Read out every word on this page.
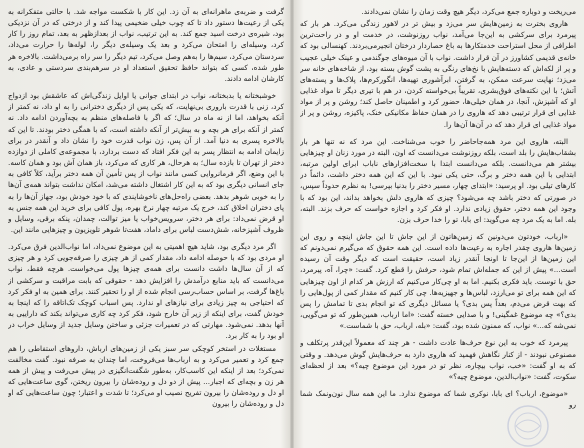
گرفت و ضربه‌ی ماهرانه‌ای به آن زد. این کار با شکست مواجه شد. با حالتی متفکرانه به یکی از رعیت‌ها دستور داد تا که چوب خیلی ضخیمی پیدا کند و از درختی که در آن نزدیکی بود، شیره‌ی درخت اسید جمع کند. به این ترتیب، نواب از بعدازظهر به بعد، تمام روز را کار کرد، وسیله‌ای را امتحان می‌کرد و بعد یک وسیله‌ی دیگر را، لوله‌ها را حرارت می‌داد، سردستان می‌کرد، سیم‌ها را به‌هم وصل می‌کرد، تیم دیگر را سر راه برمی‌داشت. بالاخره هر طور شده، کسی که بتواند حافظ تحقیق استعداد او در سرهم‌بندی سردستی و عادی، به کارشان ادامه دادند.

خوشبختانه یا بدبختانه، نواب در ابتدای جوانی یا اوایل زندگی‌اش که عاشقش بود ازدواج کرد، زنی با قدرت باروری بی‌نهایت، که یکی پس از دیگری دخترانی را به او داد، نه کمتر از آنکه بخواهد، اما از نه ماه در سال؛ که اگر با فاصله‌های منظم به بچه‌آوردن ادامه داد. نه کمتر از آنکه برای هر بچه و به بیش‌تر از آنکه داشته است، که با همگی دختر بودند. تا این که بالاخره پسری به دنیا آمد. از آن پس، زن نواب قدرت خود را نشان داد و آنقدر در برای زایمان ادامه به انتظار پسر به این فکر افتاد که دست بردارد، با مجموعه‌ی کاملی از دوازده دختر از تهران تا بازده سال؛ به هرحال، هر کاری که می‌کرد، باز همان آش بود و همان کاسه. با این وضع، اگر فرمانروایی کسی مانند نواب از پس تأمین آن همه دختر برآید، کلاً کافی به جای انسانی دیگری بود که به این کار اشتغال داشته می‌شد، امکان نداشت بتواند همه‌ی آن‌ها را به خوبی شوهر بدهد. بعضی راه‌حل‌های ناخوشایندی که با خود خودش بود، جهاز آن‌ها را به پای دختران اخلاق کند، خرج یک مرتبه چهار نرخ بهره، پول کافی برای خرید این همه جنس به او قرض نمی‌داد: برای هر دختر، سرویس‌خواب یا میز توالت، چمدان، پنکه برقی، وسایل و ظروف آشپزخانه، شش‌دست لباس برای داماد، هفت‌تا شوهر تلویزیون و چیزهایی مانند این.

اگر مرد دیگری بود، شاید هیچ اهمیتی به این موضوع نمی‌داد، اما نواب‌الدین فرق می‌کرد. او مردی بود که با حوصله ادامه داد، مقدار کمی از هر چیزی را صرفه‌جویی کرد و هر چیزی که از آن سال‌ها داشت دانست برای همه‌ی چیزها پول می‌خواست. هرچه فقط، نواب می‌دانست که باید منابع درآمدش را افزایش دهد - حقوقی که بابت مراقبت و سرکشی از باغ‌ها گرفت، بر اساس حساب‌رسی انجام شده از او را تحقیر کنند. برای همین به او فکر کرد که احتیاجی به چیز زیادی برای نیازهای او ندارد. پس اسباب کوچک تک‌اتاقه را که اینجا به خودش گفت، برای اینکه از زیر آن خارج شود، فکر کرد چه کاری می‌تواند بکند که داراییی به آنها بدهد. نمی‌شود. مهارتی که در تعمیرات جزئی و ساختن وسایل جدید از وسایل خراب در او بود را به کار برد.

مستغلات در استخر کوچکی سر سبز یکی از زمین‌های ارباش، داروهای استفاطی را هم جمع کرد و تعمیر می‌کرد و به ارباب‌ها می‌فروخت، اما چندان به صرفه نبود. گفت مخالفت نمی‌کرد؛ بعد از اینکه این کاسب‌کار، به‌طور شگفت‌انگیزی در پیش می‌رفت و پیش از همه هر زن و بچه‌ای که اجبار... پیش از دو دل و روده‌شان را بیرون ریختن، گوی ساعت‌هایی که او دل و روده‌شان را بیرون تفریح نصیب او می‌کرد؛ تا شدت و اعتبار؛ چون ساعت‌هایی که او دل و روده‌شان را بیرون

می‌ریخت و دوباره جمع می‌کرد، دیگر هیچ وقت زمان را نشان نمی‌دادند.

هاروی بخترت به زمین‌هایش سر می‌زد و بیش تر در لاهور زندگی می‌کرد. هر بار که پیرمرد برای سرکشی به این‌جا می‌آمد، نواب روزنوشت، در خدمت او و در راحت‌ترین اطرافی از محل استراحت خدمتکارها به باغ حصاردار درختان انجیرمی‌بردند. کهنسالی بود که خانه‌ی قدیمی کشاورز در آن قرار داشت. نواب با آن میوه‌های جوگندمی و عینک خیلی عجیب و پر از لکه‌اش که دسته‌هایش با نخ‌های رنگی به پشت گوش بسته بود، از شاخه‌های خانه سر می‌زد؛ نهایت سرعت ممکن، به گرفتن، ابرآشوری تهیه‌ها، انگورکرم‌ها، پلاک‌ها و پسته‌های آتش؛ با این نکته‌های فوق‌بشری، تقریباً بی‌خواسته کردن، در هم با تیری دیگر تا مواد غذایی او که آشپزش، آنجا، در همان خیلی‌ها، حضور کرد و اطمینان حاصل کند؛ روشن و پر از مواد غذایی ای قرار ترتیبی دهد که هاروی را در همان حفاظ مکانیکی خنک، پاکیزه، روشن و پر از مواد غذایی ای قرار دهد که در آن‌ها آن‌ها را.

البته، هاروی این مرد همه‌جاحاضر را خوب می‌شناخت. این مرد که نه تنها هر بار بشقاب‌هایش را بلد است، بلکه روزنوشت می‌دانست که اون، البته در مورد زنان او چیزهایی بیشتر هم می‌دانست. بلکه می‌دانست ابتدا با سخت‌افزارهای ناباب ابرای اولین مرتبه، ابتدایی با این همه دختر و برگ، حتی یکی نبود. با این که این همه دختر داشت، دائماً در کارهای تیلی بود. او پرسید: «ابتدای چهار، مسیر دختر را بدنیا بپرسی! به نظرم حدوداً سپس، در صورتی که دختر باشد چه می‌شود؟ چیزی که هاروی دلش بخواهد بداند، این بود که با وجود این همه دختر، حقوق زیادی ندارد. او فکر کرد و اجازه خواست که حرف بزند. البته، بله. اما به یک مرد چه می‌گوید: ای بابا، تو را خدا حرف بزن.

«ارباب، خودتون می‌دونین که زمین‌هاتون از این جاش تا این جاش اینچه و روی این زمین‌ها هاروی چقدر اجاره به رعیت‌ها داده است. این همه حقوق که می‌گیرم نمی‌دونم که این زمین‌ها از این‌جا تا اونجا آنقدر زیاد است، حقیقت است که دیگر وقت آن رسیده است...» پیش از این که جمله‌اش تمام شود، حرفش را قطع کرد. گفت: «چرا، آه، پیرمرد، حق با توست. باید فکری بکنیم. اما به او چی‌کار می‌کنیم که ارزش هر کدام از اون چیزهایی که این همه برای تو می‌ارزد، لباس‌ها و جهیزیه‌ها. چی کار کنیم که مقدار کمی از پول‌هایی را که بهت قرض می‌دم، بعداً پس بدی؟ یا مسائل دیگری که تو انجام بدی تا تمامش را پس بدی؟» چه موضوع غمگینی! و با صدایی خسته گفت: «اما ارباب، همین‌طور که تو می‌گویی، نمی‌شه که...» نواب، که ممنون شده بود، گفت: «بله، ارباب، حق با شماست.»

پیرمرد که خوب به این نوع حرف‌ها عادت داشت - هر چند که معمولاً این‌قدر پرتکلف و مصنوعی نبودند - از کنار نگاهش فهمید که هاروی دارد به حرف‌هایش گوش می‌دهد. و وقتی که به او گفت: «خب، نواب بیچاره، نظر تو در مورد این موضوع چیه؟» بعد از لحظه‌ای سکوت، گفت: «نواب‌الدین، موضوع چیه؟»

«موضوع، ارباب؟ ای بابا، نوکری شما که موضوع ندارد. ما این همه سال نون‌ونمک شما رو
